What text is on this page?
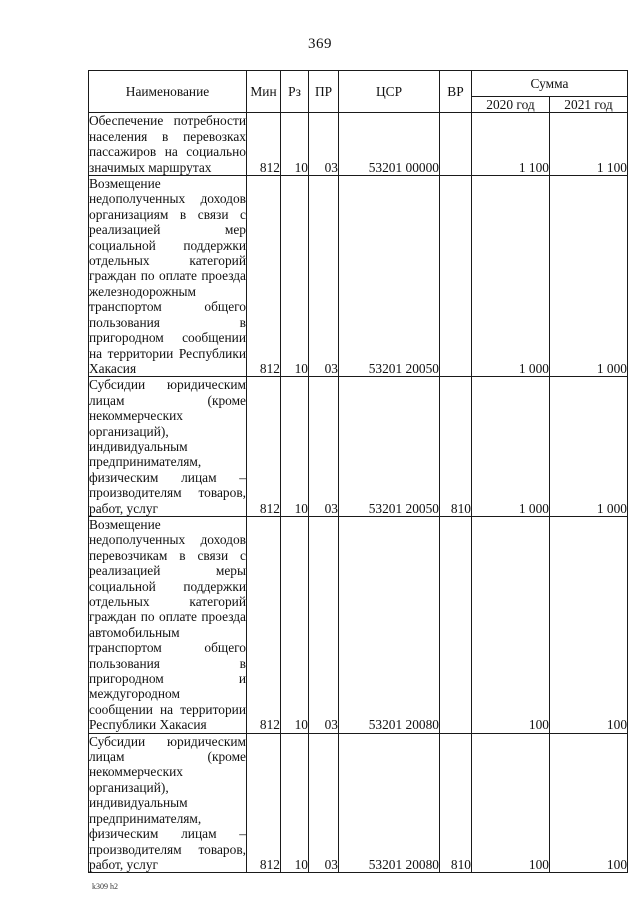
369
Наименование	Мин	Рз	ПР	ЦСР	ВР	Сумма	
						2020 год	2021 год
Обеспечение потребности населения в перевозках пассажиров на социально значимых маршрутах	812	10	03	53201 00000		1 100	1 100
Возмещение недополученных доходов организациям в связи с реализацией мер социальной поддержки отдельных категорий граждан по оплате проезда железнодорожным транспортом общего пользования в пригородном сообщении на территории Республики Хакасия	812	10	03	53201 20050		1 000	1 000
Субсидии юридическим лицам (кроме некоммерческих организаций), индивидуальным предпринимателям, физическим лицам – производителям товаров, работ, услуг	812	10	03	53201 20050	810	1 000	1 000
Возмещение недополученных доходов перевозчикам в связи с реализацией меры социальной поддержки отдельных категорий граждан по оплате проезда автомобильным транспортом общего пользования в пригородном и междугородном сообщении на территории Республики Хакасия	812	10	03	53201 20080		100	100
Субсидии юридическим лицам (кроме некоммерческих организаций), индивидуальным предпринимателям, физическим лицам – производителям товаров, работ, услуг	812	10	03	53201 20080	810	100	100
k309 h2
